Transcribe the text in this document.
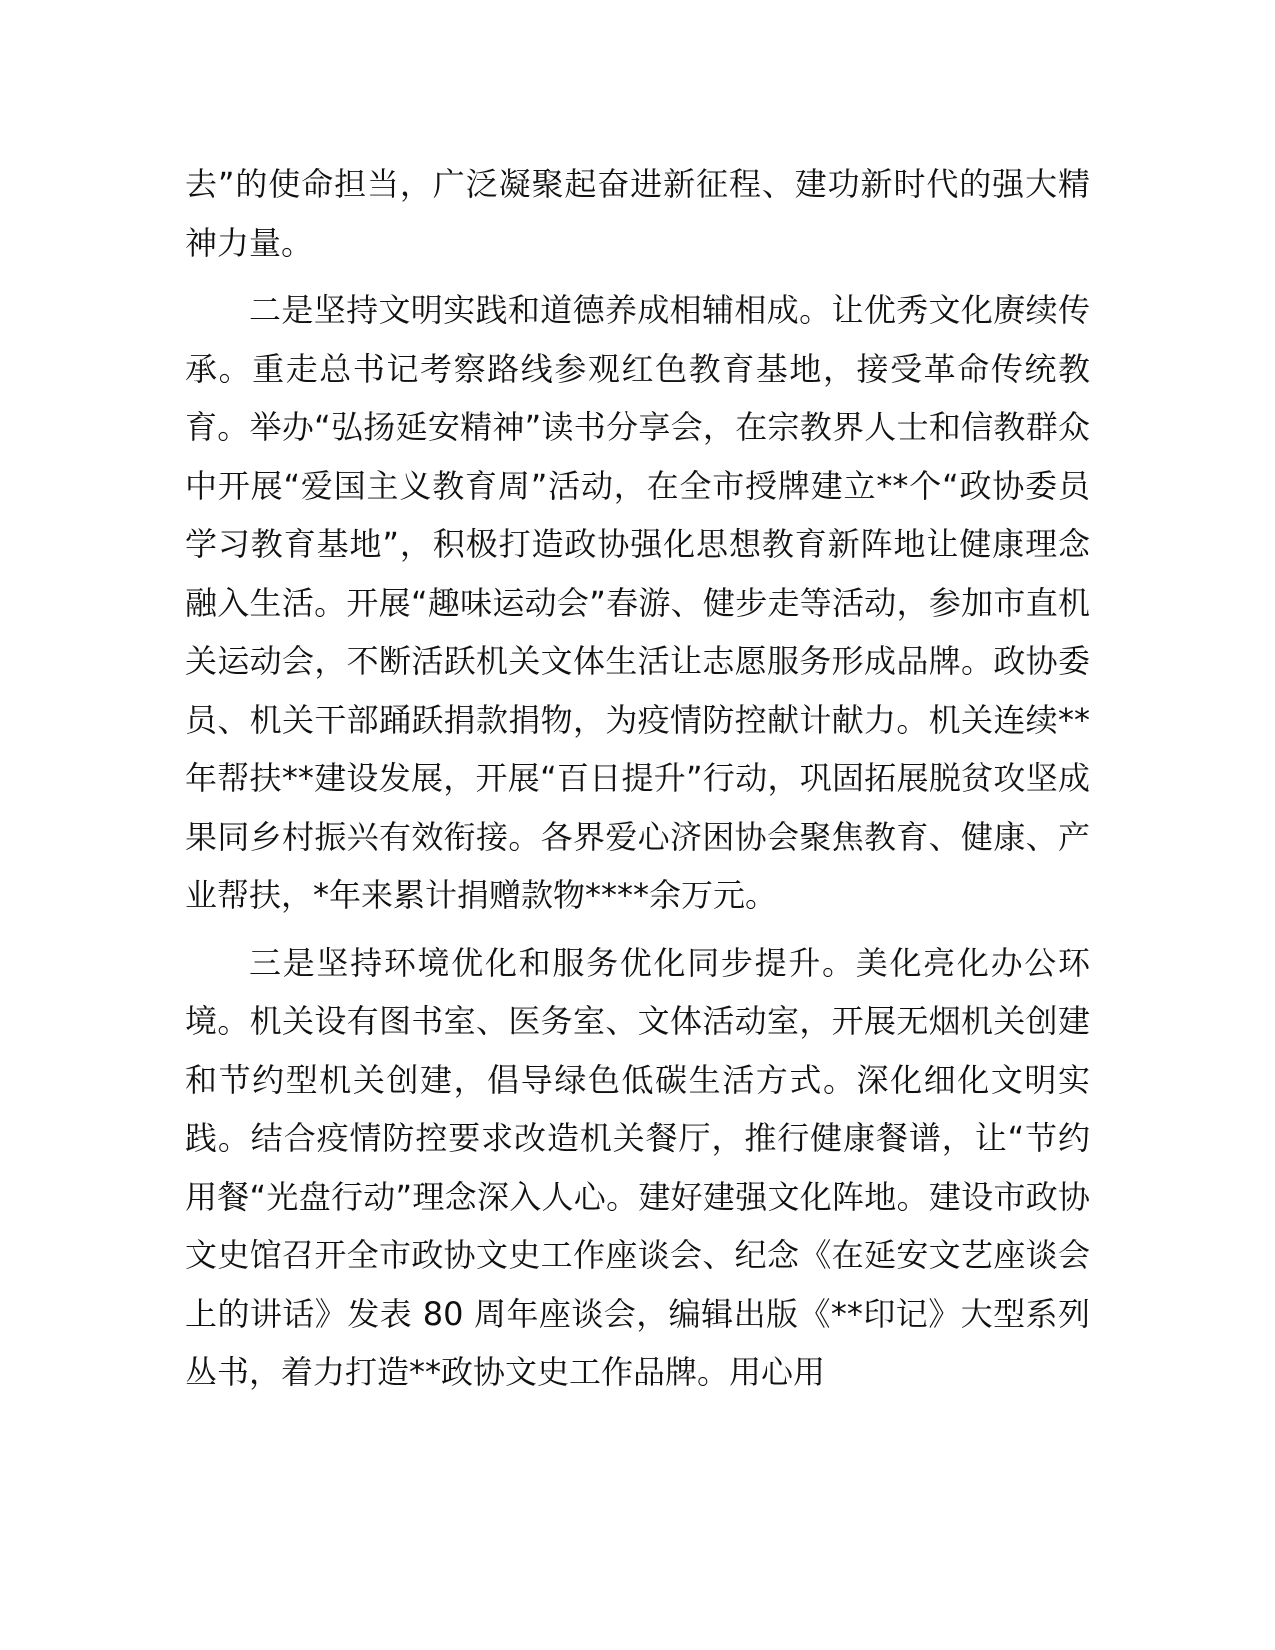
去”的使命担当，广泛凝聚起奋进新征程、建功新时代的强大精神力量。

二是坚持文明实践和道德养成相辅相成。让优秀文化赓续传承。重走总书记考察路线参观红色教育基地，接受革命传统教育。举办“弘扬延安精神”读书分享会，在宗教界人士和信教群众中开展“爱国主义教育周”活动，在全市授牌建立**个“政协委员学习教育基地”，积极打造政协强化思想教育新阵地让健康理念融入生活。开展“趣味运动会”春游、健步走等活动，参加市直机关运动会，不断活跃机关文体生活让志愿服务形成品牌。政协委员、机关干部踊跃捐款捐物，为疫情防控献计献力。机关连续**年帮扶**建设发展，开展“百日提升”行动，巩固拓展脱贫攻坚成果同乡村振兴有效衔接。各界爱心济困协会聚焦教育、健康、产业帮扶，*年来累计捐赠款物****余万元。

三是坚持环境优化和服务优化同步提升。美化亮化办公环境。机关设有图书室、医务室、文体活动室，开展无烟机关创建和节约型机关创建，倡导绿色低碳生活方式。深化细化文明实践。结合疫情防控要求改造机关餐厅，推行健康餐谱，让“节约用餐“光盘行动”理念深入人心。建好建强文化阵地。建设市政协文史馆召开全市政协文史工作座谈会、纪念《在延安文艺座谈会上的讲话》发表 80 周年座谈会，编辑出版《**印记》大型系列丛书，着力打造**政协文史工作品牌。用心用
